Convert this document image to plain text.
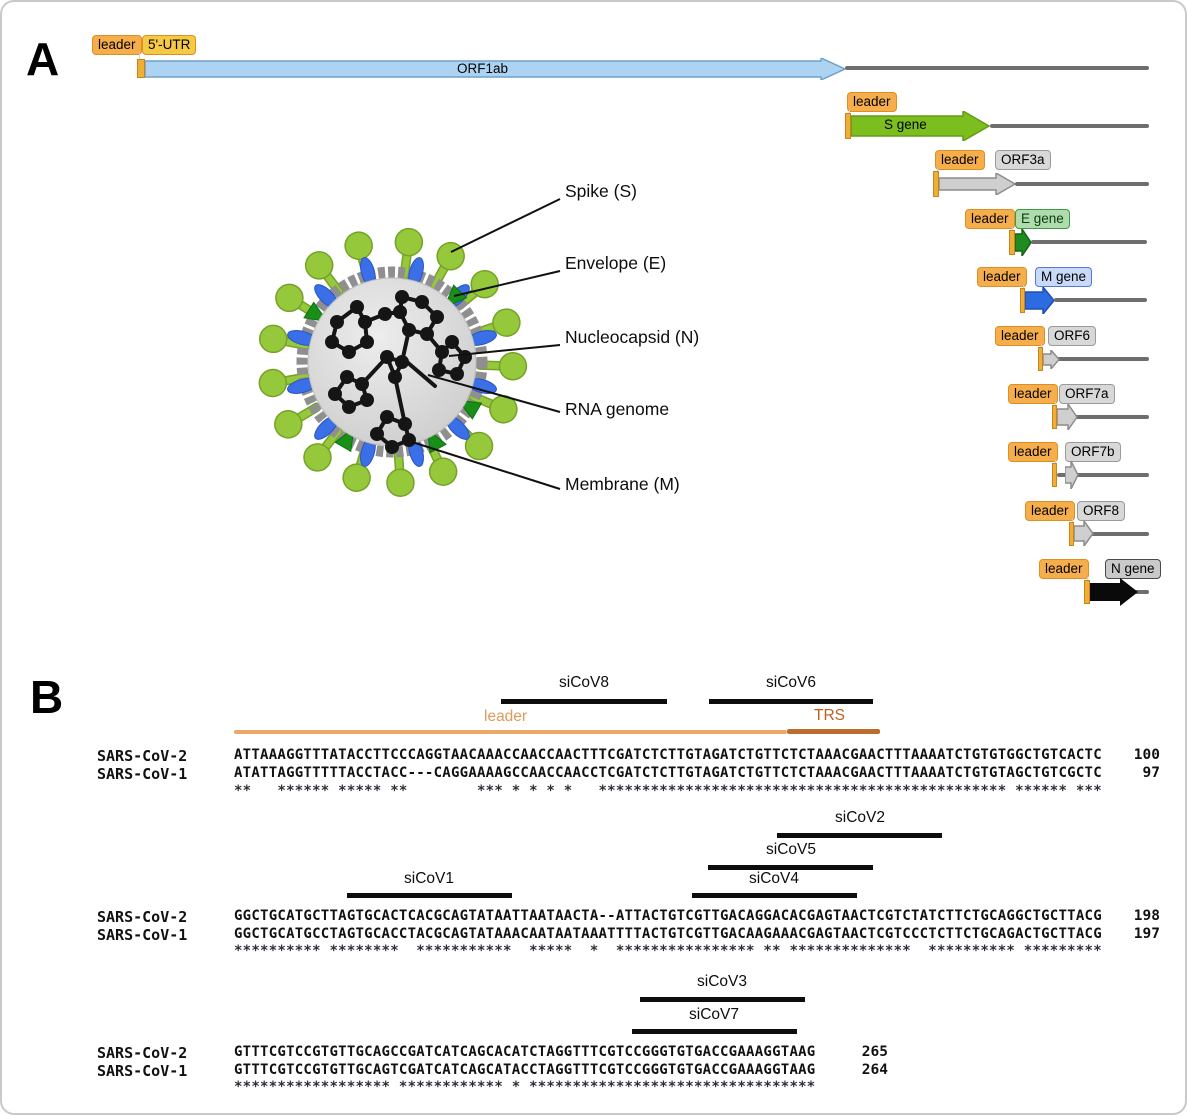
A	leader 5'-UTR
ORF1ab
leader
S gene
leader	ORF3a
leader E gene
leader	M gene
leader	ORF6
leader ORF7a
leader	ORF7b
leader	ORF8
leader	N gene
Spike (S)
Envelope (E)
Nucleocapsid (N)
RNA genome
Membrane (M)
B	siCoV8	siCoV6
leader	TRS
SARS-CoV-2	ATTAAAGGTTTATACCTTCCCAGGTAACAAACCAACCAACTTTCGATCTCTTGTAGATCTGTTCTCTAAACGAACTTTAAAATCTGTGTGGCTGTCACTC	100
SARS-CoV-1	ATATTAGGTTTTTACCTACC---CAGGAAAAGCCAACCAACCTCGATCTCTTGTAGATCTGTTCTCTAAACGAACTTTAAAATCTGTGTAGCTGTCGCTC	97
**   ****** ***** **        *** * * * *   *********************************************** ****** ***
siCoV2
siCoV5
siCoV4
siCoV1
SARS-CoV-2	GGCTGCATGCTTAGTGCACTCACGCAGTATAATTAATAACTA--ATTACTGTCGTTGACAGGACACGAGTAACTCGTCTATCTTCTGCAGGCTGCTTACG	198
SARS-CoV-1	GGCTGCATGCCTAGTGCACCTACGCAGTATAAACAATAATAAATTTTACTGTCGTTGACAAGAAACGAGTAACTCGTCCCTCTTCTGCAGACTGCTTACG	197
********** ********  ***********  *****  *  **************** ** **************  ********** *********
siCoV3
siCoV7
SARS-CoV-2	GTTTCGTCCGTGTTGCAGCCGATCATCAGCACATCTAGGTTTCGTCCGGGTGTGACCGAAAGGTAAG	265
SARS-CoV-1	GTTTCGTCCGTGTTGCAGTCGATCATCAGCATACCTAGGTTTCGTCCGGGTGTGACCGAAAGGTAAG	264
****************** ************ * *********************************
